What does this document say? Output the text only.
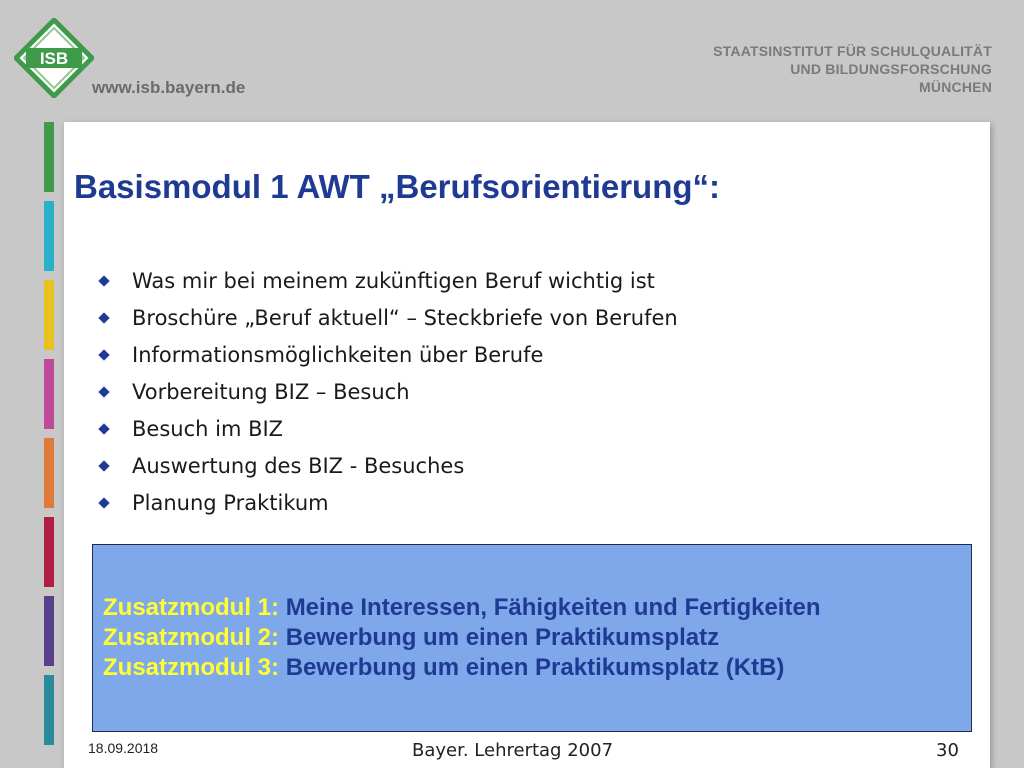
ISB
www.isb.bayern.de
STAATSINSTITUT FÜR SCHULQUALITÄT
UND BILDUNGSFORSCHUNG
MÜNCHEN
Basismodul 1 AWT „Berufsorientierung“:
Was mir bei meinem zukünftigen Beruf wichtig ist
Broschüre „Beruf aktuell“ – Steckbriefe von Berufen
Informationsmöglichkeiten über Berufe
Vorbereitung BIZ – Besuch
Besuch im BIZ
Auswertung des BIZ - Besuches
Planung Praktikum
Zusatzmodul 1: Meine Interessen, Fähigkeiten und Fertigkeiten
Zusatzmodul 2: Bewerbung um einen Praktikumsplatz
Zusatzmodul 3: Bewerbung um einen Praktikumsplatz (KtB)
18.09.2018	Bayer. Lehrertag 2007	30
